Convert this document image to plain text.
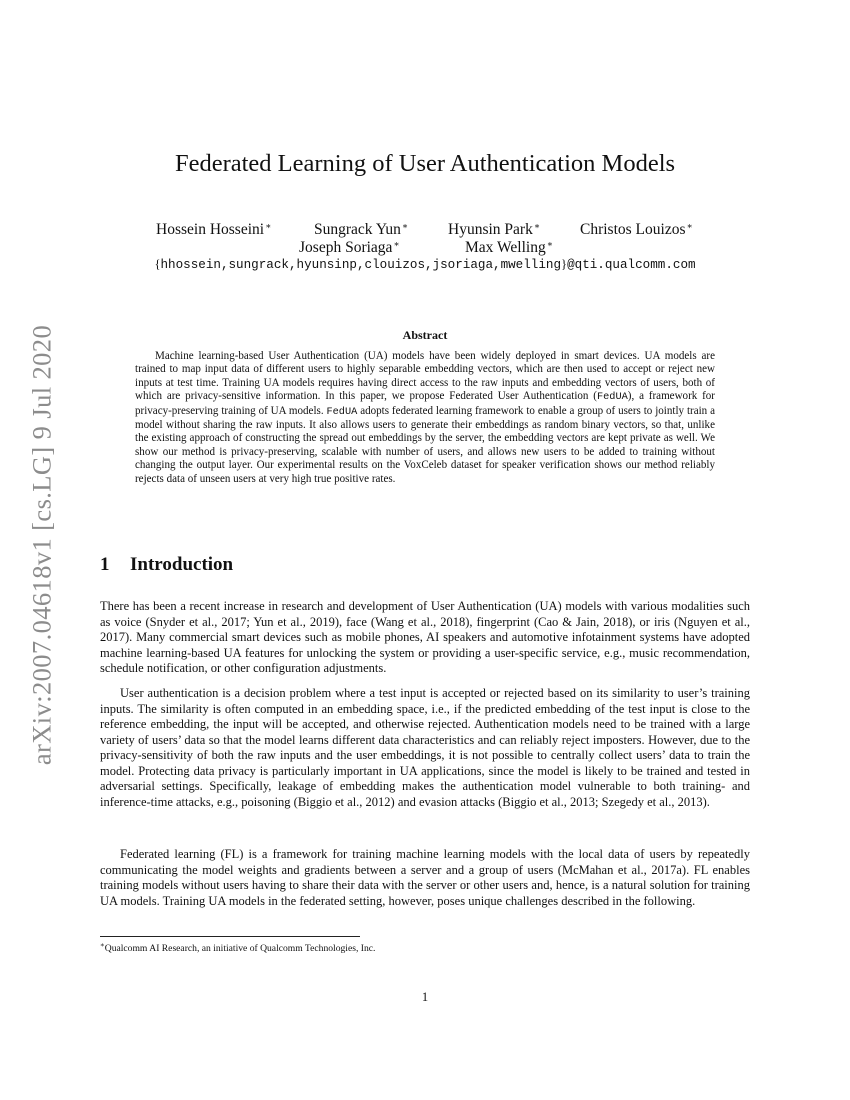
arXiv:2007.04618v1 [cs.LG] 9 Jul 2020
Federated Learning of User Authentication Models
Hossein Hosseini∗	Sungrack Yun∗	Hyunsin Park∗	Christos Louizos∗
Joseph Soriaga∗	Max Welling∗
{hhossein,sungrack,hyunsinp,clouizos,jsoriaga,mwelling}@qti.qualcomm.com
Abstract

Machine learning-based User Authentication (UA) models have been widely deployed in smart devices. UA models are trained to map input data of different users to highly separable embedding vectors, which are then used to accept or reject new inputs at test time. Training UA models requires having direct access to the raw inputs and embedding vectors of users, both of which are privacy-sensitive information. In this paper, we propose Federated User Authentication (FedUA), a framework for privacy-preserving training of UA models. FedUA adopts federated learning framework to enable a group of users to jointly train a model without sharing the raw inputs. It also allows users to generate their embeddings as random binary vectors, so that, unlike the existing approach of constructing the spread out embeddings by the server, the embedding vectors are kept private as well. We show our method is privacy-preserving, scalable with number of users, and allows new users to be added to training without changing the output layer. Our experimental results on the VoxCeleb dataset for speaker verification shows our method reliably rejects data of unseen users at very high true positive rates.

1 Introduction

There has been a recent increase in research and development of User Authentication (UA) models with various modalities such as voice (Snyder et al., 2017; Yun et al., 2019), face (Wang et al., 2018), fingerprint (Cao & Jain, 2018), or iris (Nguyen et al., 2017). Many commercial smart devices such as mobile phones, AI speakers and automotive infotainment systems have adopted machine learning-based UA features for unlocking the system or providing a user-specific service, e.g., music recommendation, schedule notification, or other configuration adjustments.

User authentication is a decision problem where a test input is accepted or rejected based on its similarity to user’s training inputs. The similarity is often computed in an embedding space, i.e., if the predicted embedding of the test input is close to the reference embedding, the input will be accepted, and otherwise rejected. Authentication models need to be trained with a large variety of users’ data so that the model learns different data characteristics and can reliably reject imposters. However, due to the privacy-sensitivity of both the raw inputs and the user embeddings, it is not possible to centrally collect users’ data to train the model. Protecting data privacy is particularly important in UA applications, since the model is likely to be trained and tested in adversarial settings. Specifically, leakage of embedding makes the authentication model vulnerable to both training- and inference-time attacks, e.g., poisoning (Biggio et al., 2012) and evasion attacks (Biggio et al., 2013; Szegedy et al., 2013).

Federated learning (FL) is a framework for training machine learning models with the local data of users by repeatedly communicating the model weights and gradients between a server and a group of users (McMahan et al., 2017a). FL enables training models without users having to share their data with the server or other users and, hence, is a natural solution for training UA models. Training UA models in the federated setting, however, poses unique challenges described in the following.

∗Qualcomm AI Research, an initiative of Qualcomm Technologies, Inc.
1
